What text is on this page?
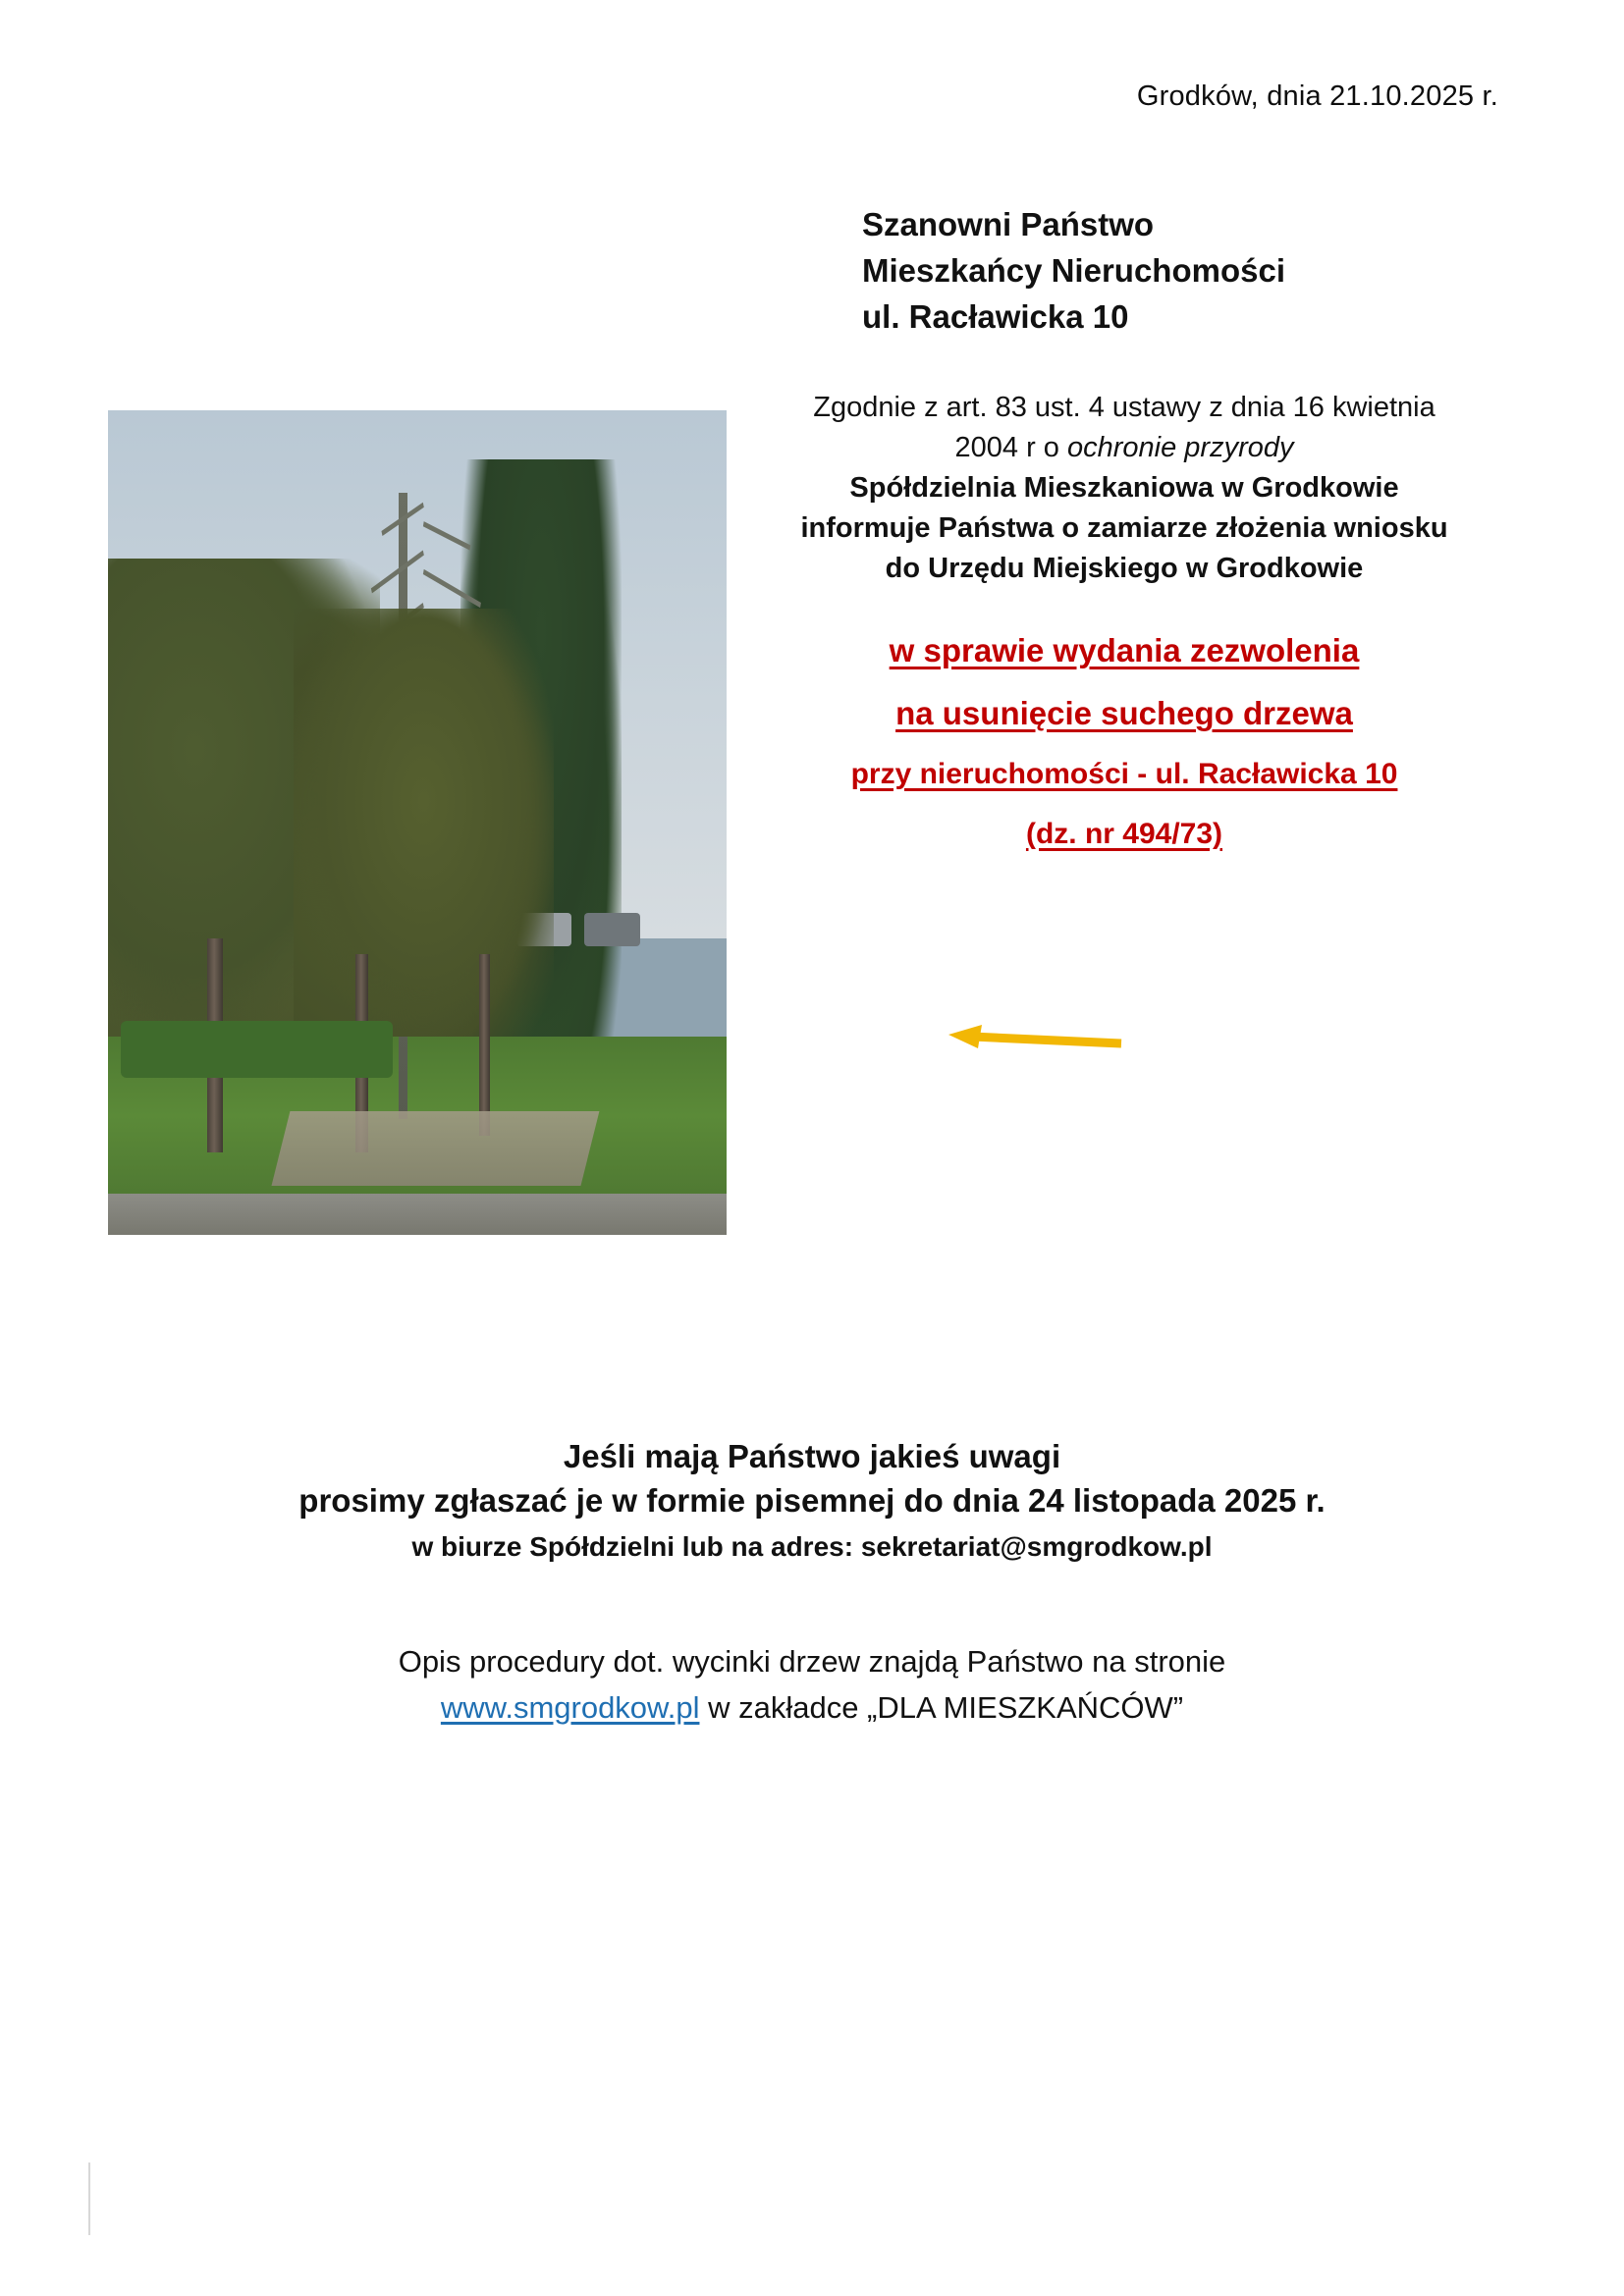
Grodków, dnia 21.10.2025 r.
Szanowni Państwo
Mieszkańcy Nieruchomości
ul. Racławicka 10
Zgodnie z art. 83 ust. 4 ustawy z dnia 16 kwietnia
2004 r o ochronie przyrody
Spółdzielnia Mieszkaniowa w Grodkowie
informuje Państwa o zamiarze złożenia wniosku
do Urzędu Miejskiego w Grodkowie
w sprawie wydania zezwolenia
na usunięcie suchego drzewa
przy nieruchomości - ul. Racławicka 10
(dz. nr 494/73)
Jeśli mają Państwo jakieś uwagi
prosimy zgłaszać je w formie pisemnej do dnia 24 listopada 2025 r.
w biurze Spółdzielni lub na adres: sekretariat@smgrodkow.pl
Opis procedury dot. wycinki drzew znajdą Państwo na stronie
www.smgrodkow.pl w zakładce „DLA MIESZKAŃCÓW”
